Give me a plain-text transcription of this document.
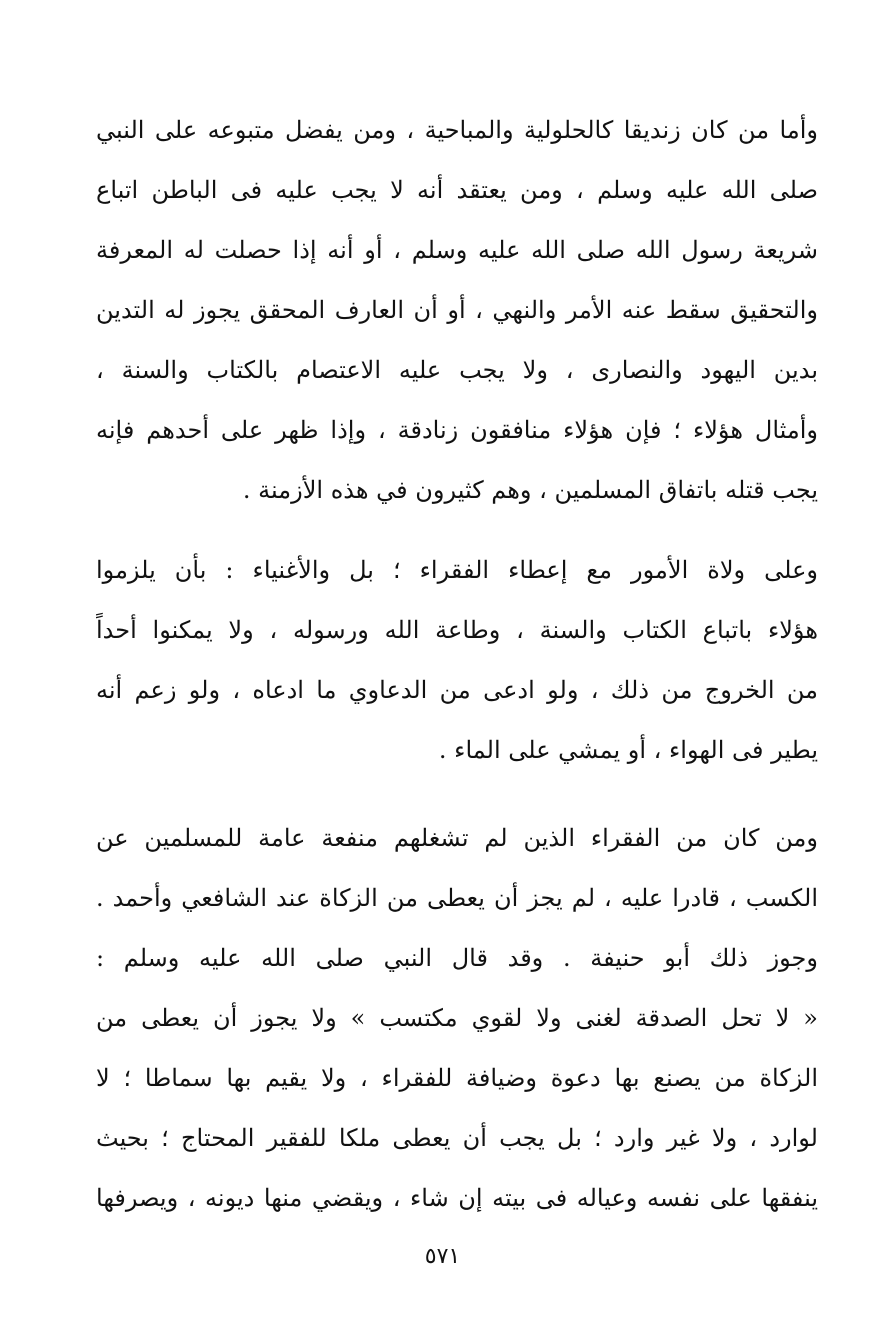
وأما من كان زنديقا كالحلولية والمباحية ، ومن يفضل متبوعه على النبي
صلى الله عليه وسلم ، ومن يعتقد أنه لا يجب عليه فى الباطن اتباع
شريعة رسول الله صلى الله عليه وسلم ، أو أنه إذا حصلت له المعرفة
والتحقيق سقط عنه الأمر والنهي ، أو أن العارف المحقق يجوز له التدين
بدين اليهود والنصارى ، ولا يجب عليه الاعتصام بالكتاب والسنة ،
وأمثال هؤلاء ؛ فإن هؤلاء منافقون زنادقة ، وإذا ظهر على أحدهم فإنه
يجب قتله باتفاق المسلمين ، وهم كثيرون في هذه الأزمنة .
وعلى ولاة الأمور مع إعطاء الفقراء ؛ بل والأغنياء : بأن يلزموا
هؤلاء باتباع الكتاب والسنة ، وطاعة الله ورسوله ، ولا يمكنوا أحداً
من الخروج من ذلك ، ولو ادعى من الدعاوي ما ادعاه ، ولو زعم أنه
يطير فى الهواء ، أو يمشي على الماء .
ومن كان من الفقراء الذين لم تشغلهم منفعة عامة للمسلمين عن
الكسب ، قادرا عليه ، لم يجز أن يعطى من الزكاة عند الشافعي وأحمد .
وجوز ذلك أبو حنيفة . وقد قال النبي صلى الله عليه وسلم :
« لا تحل الصدقة لغنى ولا لقوي مكتسب » ولا يجوز أن يعطى من
الزكاة من يصنع بها دعوة وضيافة للفقراء ، ولا يقيم بها سماطا ؛ لا
لوارد ، ولا غير وارد ؛ بل يجب أن يعطى ملكا للفقير المحتاج ؛ بحيث
ينفقها على نفسه وعياله فى بيته إن شاء ، ويقضي منها ديونه ، ويصرفها
٥٧١
